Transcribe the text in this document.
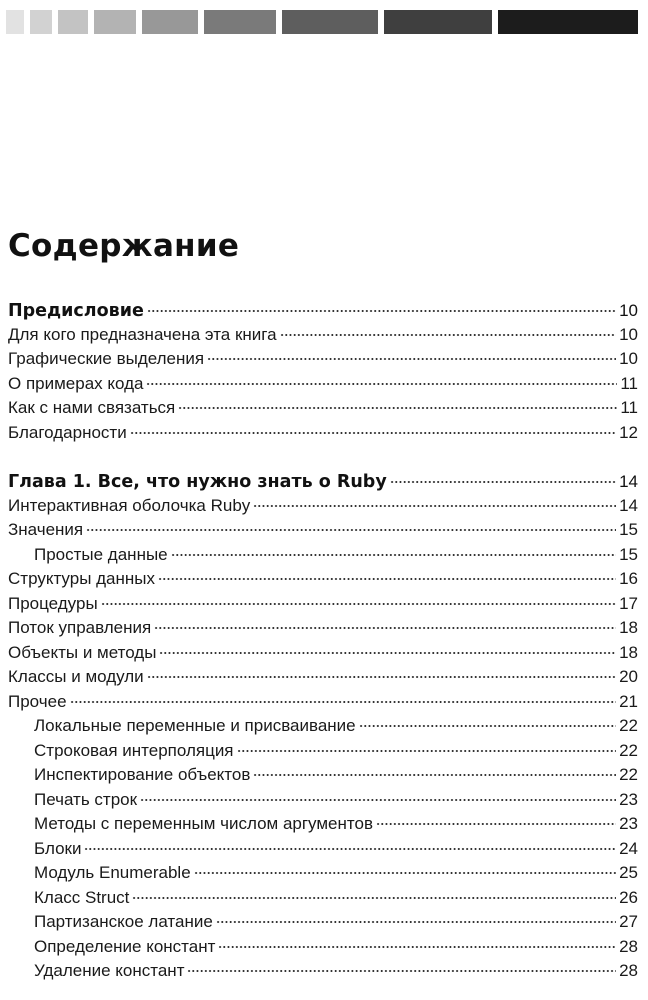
Содержание
Предисловие	10
Для кого предназначена эта книга	10
Графические выделения	10
О примерах кода	11
Как с нами связаться	11
Благодарности	12
Глава 1. Все, что нужно знать о Ruby	14
Интерактивная оболочка Ruby	14
Значения	15
Простые данные	15
Структуры данных	16
Процедуры	17
Поток управления	18
Объекты и методы	18
Классы и модули	20
Прочее	21
Локальные переменные и присваивание	22
Строковая интерполяция	22
Инспектирование объектов	22
Печать строк	23
Методы с переменным числом аргументов	23
Блоки	24
Модуль Enumerable	25
Класс Struct	26
Партизанское латание	27
Определение констант	28
Удаление констант	28
